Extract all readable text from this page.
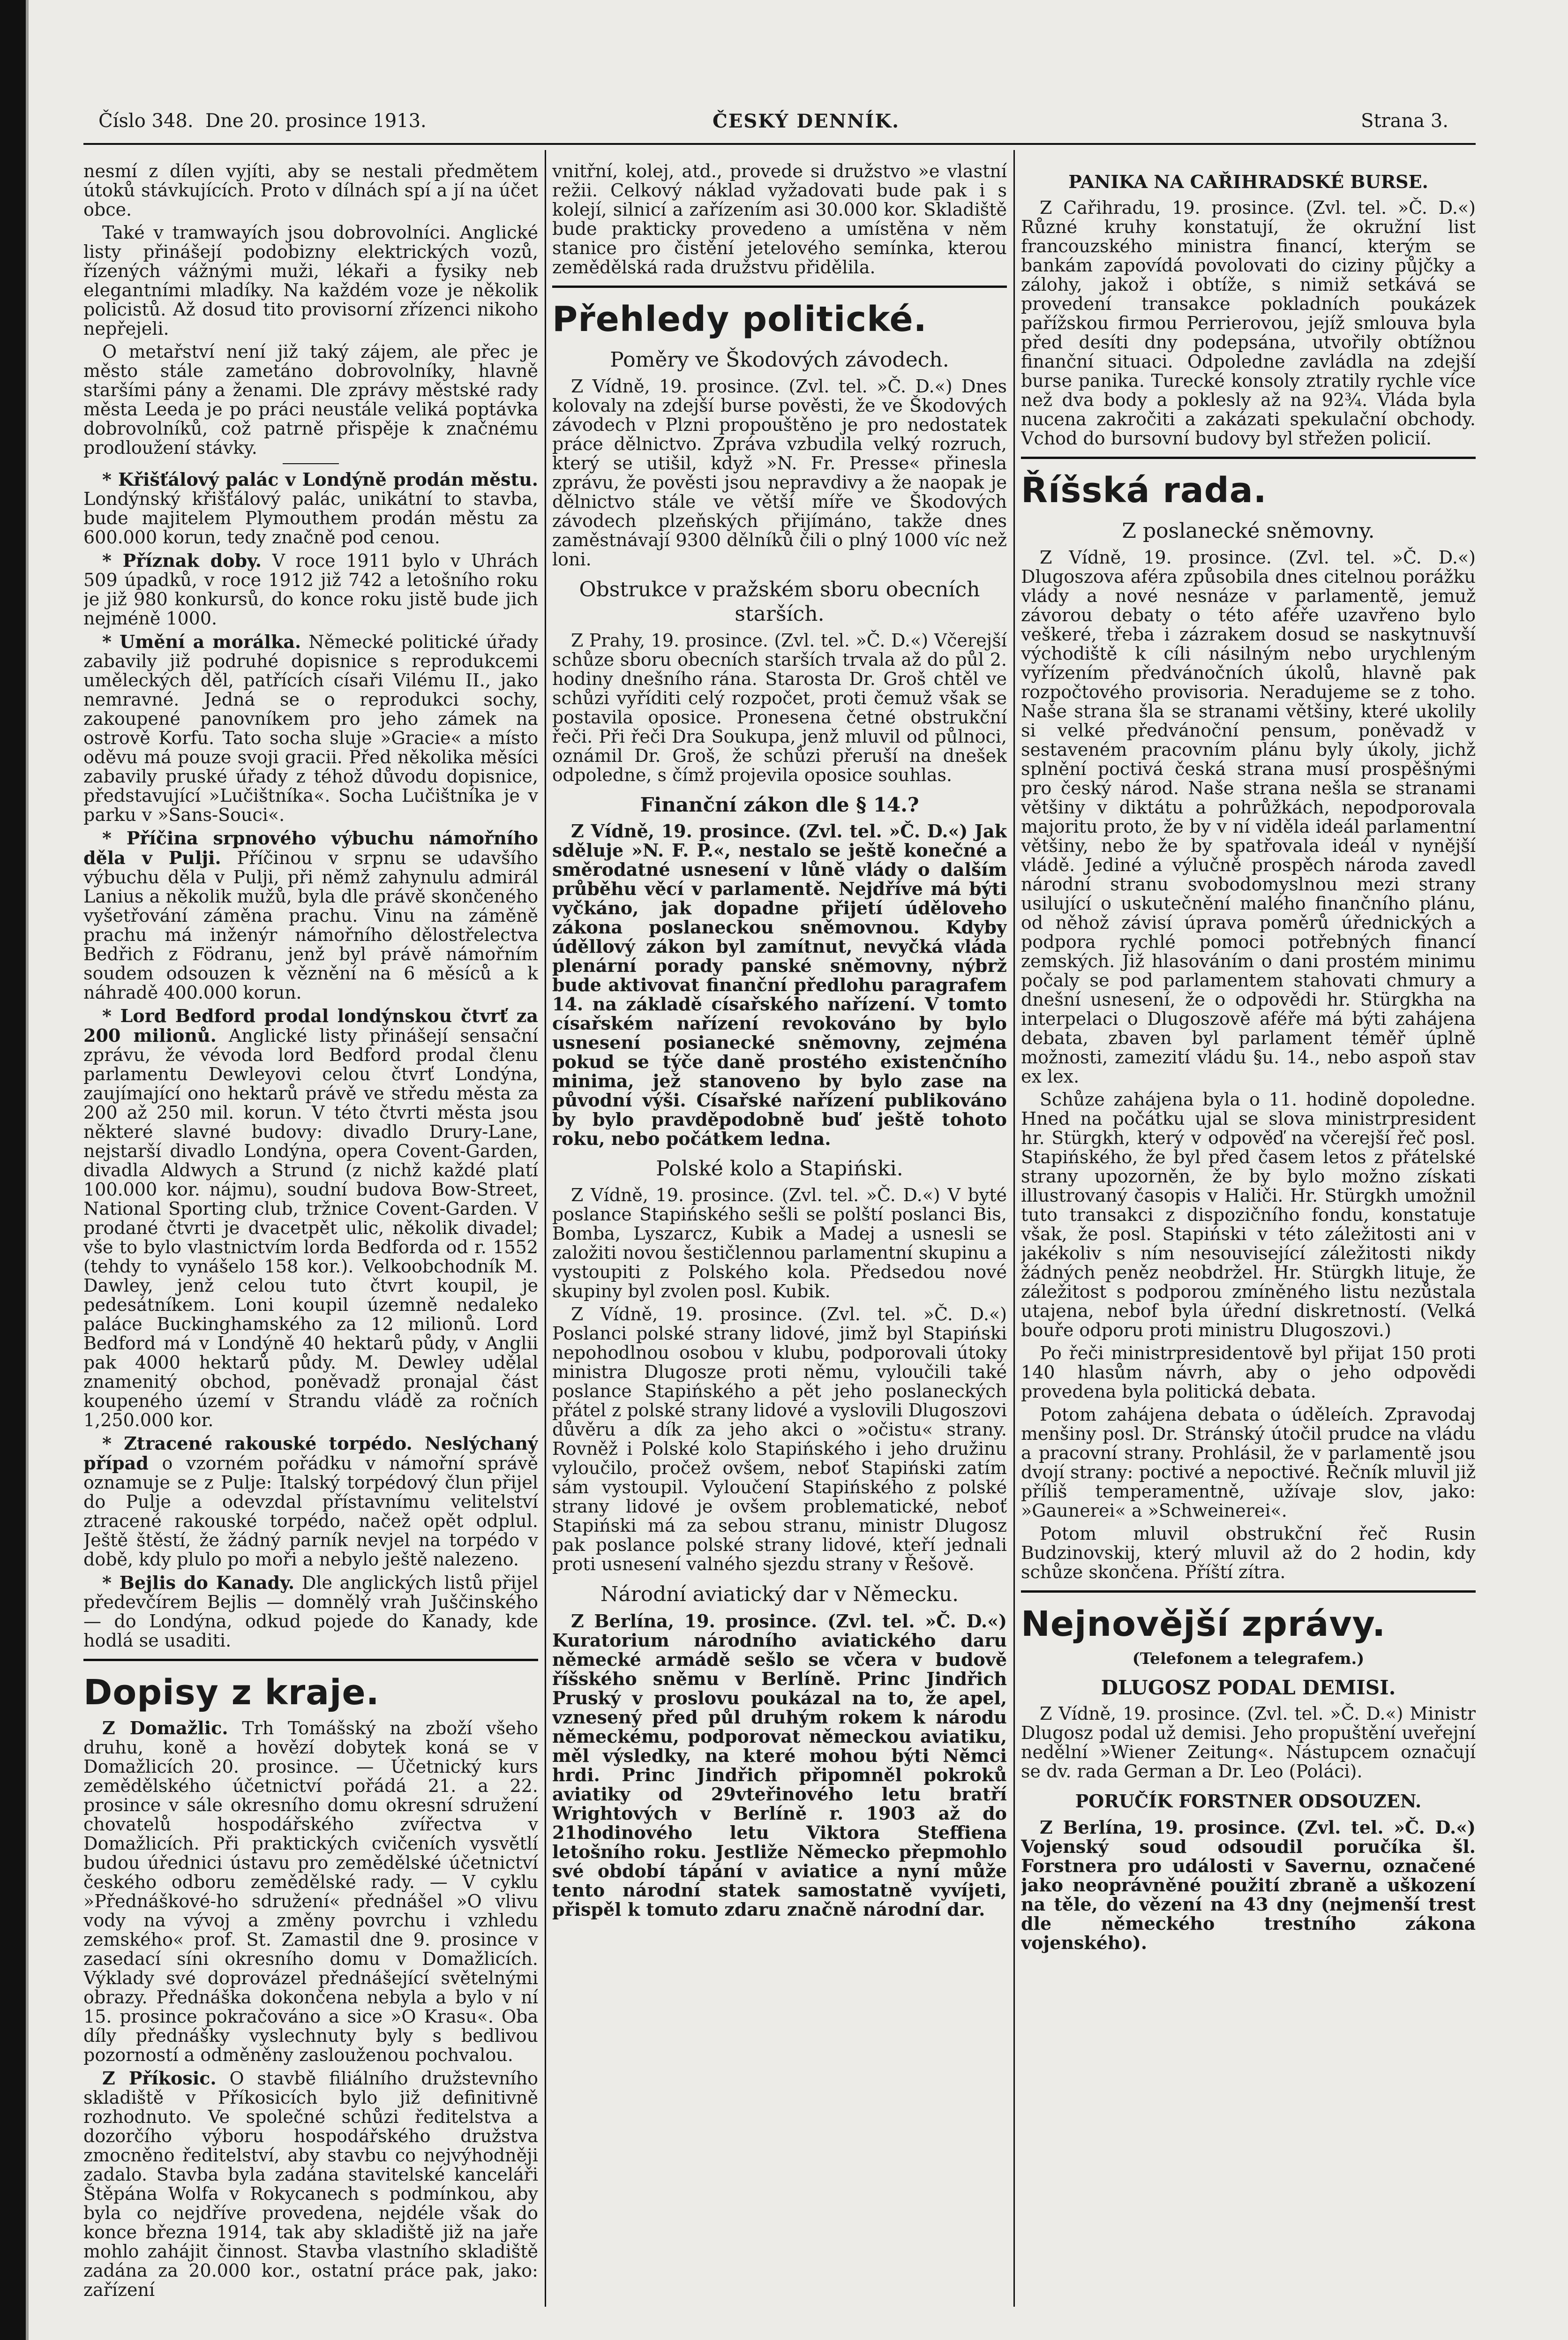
Číslo 348. Dne 20. prosince 1913.	ČESKÝ DENNÍK.	Strana 3.

nesmí z dílen vyjíti, aby se nestali předmětem útoků stávkujících. Proto v dílnách spí a jí na účet obce.

Také v tramwayích jsou dobrovolníci. Anglické listy přinášejí podobizny elektrických vozů, řízených vážnými muži, lékaři a fysiky neb elegantními mladíky. Na každém voze je několik policistů. Až dosud tito provisorní zřízenci nikoho nepřejeli.

O metařství není již taký zájem, ale přec je město stále zametáno dobrovolníky, hlavně staršími pány a ženami. Dle zprávy městské rady města Leeda je po práci neustále veliká poptávka dobrovolníků, což patrně přispěje k značnému prodloužení stávky.

* Křišťálový palác v Londýně prodán městu. Londýnský křišťálový palác, unikátní to stavba, bude majitelem Plymouthem prodán městu za 600.000 korun, tedy značně pod cenou.

* Příznak doby. V roce 1911 bylo v Uhrách 509 úpadků, v roce 1912 již 742 a letošního roku je již 980 konkursů, do konce roku jistě bude jich nejméně 1000.

* Umění a morálka. Německé politické úřady zabavily již podruhé dopisnice s reprodukcemi uměleckých děl, patřících císaři Vilému II., jako nemravné. Jedná se o reprodukci sochy, zakoupené panovníkem pro jeho zámek na ostrově Korfu. Tato socha sluje »Gracie« a místo oděvu má pouze svoji gracii. Před několika měsíci zabavily pruské úřady z téhož důvodu dopisnice, představující »Lučištníka«. Socha Lučištníka je v parku v »Sans-Souci«.

* Příčina srpnového výbuchu námořního děla v Pulji. Příčinou v srpnu se udavšího výbuchu děla v Pulji, při němž zahynulu admirál Lanius a několik mužů, byla dle právě skončeného vyšetřování záměna prachu. Vinu na záměně prachu má inženýr námořního dělostřelectva Bedřich z Födranu, jenž byl právě námořním soudem odsouzen k věznění na 6 měsíců a k náhradě 400.000 korun.

* Lord Bedford prodal londýnskou čtvrť za 200 milionů. Anglické listy přinášejí sensační zprávu, že vévoda lord Bedford prodal členu parlamentu Dewleyovi celou čtvrť Londýna, zaujímající ono hektarů právě ve středu města za 200 až 250 mil. korun. V této čtvrti města jsou některé slavné budovy: divadlo Drury-Lane, nejstarší divadlo Londýna, opera Covent-Garden, divadla Aldwych a Strund (z nichž každé platí 100.000 kor. nájmu), soudní budova Bow-Street, National Sporting club, tržnice Covent-Garden. V prodané čtvrti je dvacetpět ulic, několik divadel; vše to bylo vlastnictvím lorda Bedforda od r. 1552 (tehdy to vynášelo 158 kor.). Velkoobchodník M. Dawley, jenž celou tuto čtvrt koupil, je pedesátníkem. Loni koupil územně nedaleko paláce Buckinghamského za 12 milionů. Lord Bedford má v Londýně 40 hektarů půdy, v Anglii pak 4000 hektarů půdy. M. Dewley udělal znamenitý obchod, poněvadž pronajal část koupeného území v Strandu vládě za ročních 1,250.000 kor.

* Ztracené rakouské torpédo. Neslýchaný případ o vzorném pořádku v námořní správě oznamuje se z Pulje: Italský torpédový člun přijel do Pulje a odevzdal přístavnímu velitelství ztracené rakouské torpédo, načež opět odplul. Ještě štěstí, že žádný parník nevjel na torpédo v době, kdy plulo po moři a nebylo ještě nalezeno.

* Bejlis do Kanady. Dle anglických listů přijel předevčírem Bejlis — domnělý vrah Juščinského — do Londýna, odkud pojede do Kanady, kde hodlá se usaditi.

Dopisy z kraje.

Z Domažlic. Trh Tomášský na zboží všeho druhu, koně a hovězí dobytek koná se v Domažlicích 20. prosince. — Účetnický kurs zemědělského účetnictví pořádá 21. a 22. prosince v sále okresního domu okresní sdružení chovatelů hospodářského zvířectva v Domažlicích. Při praktických cvičeních vysvětlí budou úřednici ústavu pro zemědělské účetnictví českého odboru zemědělské rady. — V cyklu »Přednáškové-ho sdružení« přednášel »O vlivu vody na vývoj a změny povrchu i vzhledu zemského« prof. St. Zamastil dne 9. prosince v zasedací síni okresního domu v Domažlicích. Výklady své doprovázel přednášející světelnými obrazy. Přednáška dokončena nebyla a bylo v ní 15. prosince pokračováno a sice »O Krasu«. Oba díly přednášky vyslechnuty byly s bedlivou pozorností a odměněny zaslouženou pochvalou.

Z Příkosic. O stavbě filiálního družstevního skladiště v Příkosicích bylo již definitivně rozhodnuto. Ve společné schůzi ředitelstva a dozorčího výboru hospodářského družstva zmocněno ředitelství, aby stavbu co nejvýhodněji zadalo. Stavba byla zadána stavitelské kanceláři Štěpána Wolfa v Rokycanech s podmínkou, aby byla co nejdříve provedena, nejdéle však do konce března 1914, tak aby skladiště již na jaře mohlo zahájit činnost. Stavba vlastního skladiště zadána za 20.000 kor., ostatní práce pak, jako: zařízení

vnitřní, kolej, atd., provede si družstvo »e vlastní režii. Celkový náklad vyžadovati bude pak i s kolejí, silnicí a zařízením asi 30.000 kor. Skladiště bude prakticky provedeno a umístěna v něm stanice pro čistění jetelového semínka, kterou zemědělská rada družstvu přidělila.

Přehledy politické.
Poměry ve Škodových závodech.

Z Vídně, 19. prosince. (Zvl. tel. »Č. D.«) Dnes kolovaly na zdejší burse pověsti, že ve Škodových závodech v Plzni propouštěno je pro nedostatek práce dělnictvo. Zpráva vzbudila velký rozruch, který se utišil, když »N. Fr. Presse« přinesla zprávu, že pověsti jsou nepravdivy a že naopak je dělnictvo stále ve větší míře ve Škodových závodech plzeňských přijímáno, takže dnes zaměstnávají 9300 dělníků čili o plný 1000 víc než loni.

Obstrukce v pražském sboru obecních starších.

Z Prahy, 19. prosince. (Zvl. tel. »Č. D.«) Včerejší schůze sboru obecních starších trvala až do půl 2. hodiny dnešního rána. Starosta Dr. Groš chtěl ve schůzi vyříditi celý rozpočet, proti čemuž však se postavila oposice. Pronesena četné obstrukční řeči. Při řeči Dra Soukupa, jenž mluvil od půlnoci, oznámil Dr. Groš, že schůzi přeruší na dnešek odpoledne, s čímž projevila oposice souhlas.

Finanční zákon dle § 14.?

Z Vídně, 19. prosince. (Zvl. tel. »Č. D.«) Jak sděluje »N. F. P.«, nestalo se ještě konečné a směrodatné usnesení v lůně vlády o dalším průběhu věcí v parlamentě. Nejdříve má býti vyčkáno, jak dopadne přijetí úděloveho zákona poslaneckou sněmovnou. Kdyby úděllový zákon byl zamítnut, nevyčká vláda plenární porady panské sněmovny, nýbrž bude aktivovat finanční předlohu paragrafem 14. na základě císařského nařízení. V tomto císařském nařízení revokováno by bylo usnesení posianecké sněmovny, zejména pokud se týče daně prostého existenčního minima, jež stanoveno by bylo zase na původní výši. Císařské nařízení publikováno by bylo pravděpodobně buď ještě tohoto roku, nebo počátkem ledna.

Polské kolo a Stapiński.

Z Vídně, 19. prosince. (Zvl. tel. »Č. D.«) V byté poslance Stapińského sešli se polští poslanci Bis, Bomba, Lyszarcz, Kubik a Madej a usnesli se založiti novou šestičlennou parlamentní skupinu a vystoupiti z Polského kola. Předsedou nové skupiny byl zvolen posl. Kubik.

Z Vídně, 19. prosince. (Zvl. tel. »Č. D.«) Poslanci polské strany lidové, jimž byl Stapiński nepohodlnou osobou v klubu, podporovali útoky ministra Dlugosze proti němu, vyloučili také poslance Stapińského a pět jeho poslaneckých přátel z polské strany lidové a vyslovili Dlugoszovi důvěru a dík za jeho akci o »očistu« strany. Rovněž i Polské kolo Stapińského i jeho družinu vyloučilo, pročež ovšem, neboť Stapiński zatím sám vystoupil. Vyloučení Stapińského z polské strany lidové je ovšem problematické, neboť Stapiński má za sebou stranu, ministr Dlugosz pak poslance polské strany lidové, kteří jednali proti usnesení valného sjezdu strany v Řešově.

Národní aviatický dar v Německu.

Z Berlína, 19. prosince. (Zvl. tel. »Č. D.«) Kuratorium národního aviatického daru německé armádě sešlo se včera v budově říšského sněmu v Berlíně. Princ Jindřich Pruský v proslovu poukázal na to, že apel, vznesený před půl druhým rokem k národu německému, podporovat německou aviatiku, měl výsledky, na které mohou býti Němci hrdi. Princ Jindřich připomněl pokroků aviatiky od 29vteřinového letu bratří Wrightových v Berlíně r. 1903 až do 21hodinového letu Viktora Steffiena letošního roku. Jestliže Německo přepmohlo své období tápání v aviatice a nyní může tento národní statek samostatně vyvíjeti, přispěl k tomuto zdaru značně národní dar.

PANIKA NA CAŘIHRADSKÉ BURSE.

Z Cařihradu, 19. prosince. (Zvl. tel. »Č. D.«) Různé kruhy konstatují, že okružní list francouzského ministra financí, kterým se bankám zapovídá povolovati do ciziny půjčky a zálohy, jakož i obtíže, s nimiž setkává se provedení transakce pokladních poukázek pařížskou firmou Perrierovou, jejíž smlouva byla před desíti dny podepsána, utvořily obtížnou finanční situaci. Odpoledne zavládla na zdejší burse panika. Turecké konsoly ztratily rychle více než dva body a poklesly až na 92¾. Vláda byla nucena zakročiti a zakázati spekulační obchody. Vchod do bursovní budovy byl střežen policií.

Říšská rada.
Z poslanecké sněmovny.

Z Vídně, 19. prosince. (Zvl. tel. »Č. D.«) Dlugoszova aféra způsobila dnes citelnou porážku vlády a nové nesnáze v parlamentě, jemuž závorou debaty o této aféře uzavřeno bylo veškeré, třeba i zázrakem dosud se naskytnuvší východiště k cíli násilným nebo urychleným vyřízením předvánočních úkolů, hlavně pak rozpočtového provisoria. Neradujeme se z toho. Naše strana šla se stranami většiny, které ukolily si velké předvánoční pensum, poněvadž v sestaveném pracovním plánu byly úkoly, jichž splnění poctivá česká strana musí prospěšnými pro český národ. Naše strana nešla se stranami většiny v diktátu a pohrůžkách, nepodporovala majoritu proto, že by v ní viděla ideál parlamentní většiny, nebo že by spatřovala ideál v nynější vládě. Jediné a výlučně prospěch národa zavedl národní stranu svobodomyslnou mezi strany usilující o uskutečnění malého finančního plánu, od něhož závisí úprava poměrů úřednických a podpora rychlé pomoci potřebných financí zemských. Již hlasováním o dani prostém minimu počaly se pod parlamentem stahovati chmury a dnešní usnesení, že o odpovědi hr. Stürgkha na interpelaci o Dlugoszově aféře má býti zahájena debata, zbaven byl parlament téměř úplně možnosti, zamezití vládu §u. 14., nebo aspoň stav ex lex.

Schůze zahájena byla o 11. hodině dopoledne. Hned na počátku ujal se slova ministrpresident hr. Stürgkh, který v odpověď na včerejší řeč posl. Stapińského, že byl před časem letos z přátelské strany upozorněn, že by bylo možno získati illustrovaný časopis v Haliči. Hr. Stürgkh umožnil tuto transakci z dispozičního fondu, konstatuje však, že posl. Stapiński v této záležitosti ani v jakékoliv s ním nesouvisející záležitosti nikdy žádných peněz neobdržel. Hr. Stürgkh lituje, že záležitost s podporou zmíněného listu nezůstala utajena, nebof byla úřední diskretností. (Velká bouře odporu proti ministru Dlugoszovi.)

Po řeči ministrpresidentově byl přijat 150 proti 140 hlasům návrh, aby o jeho odpovědi provedena byla politická debata.

Potom zahájena debata o úděleích. Zpravodaj menšiny posl. Dr. Stránský útočil prudce na vládu a pracovní strany. Prohlásil, že v parlamentě jsou dvojí strany: poctivé a nepoctivé. Řečník mluvil již příliš temperamentně, užívaje slov, jako: »Gaunerei« a »Schweinerei«.

Potom mluvil obstrukční řeč Rusin Budzinovskij, který mluvil až do 2 hodin, kdy schůze skončena. Příští zítra.

Nejnovější zprávy.
(Telefonem a telegrafem.)
DLUGOSZ PODAL DEMISI.

Z Vídně, 19. prosince. (Zvl. tel. »Č. D.«) Ministr Dlugosz podal už demisi. Jeho propuštění uveřejní nedělní »Wiener Zeitung«. Nástupcem označují se dv. rada German a Dr. Leo (Poláci).

PORUČÍK FORSTNER ODSOUZEN.

Z Berlína, 19. prosince. (Zvl. tel. »Č. D.«) Vojenský soud odsoudil poručíka šl. Forstnera pro události v Savernu, označené jako neoprávněné použití zbraně a uškození na těle, do vězení na 43 dny (nejmenší trest dle německého trestního zákona vojenského).
